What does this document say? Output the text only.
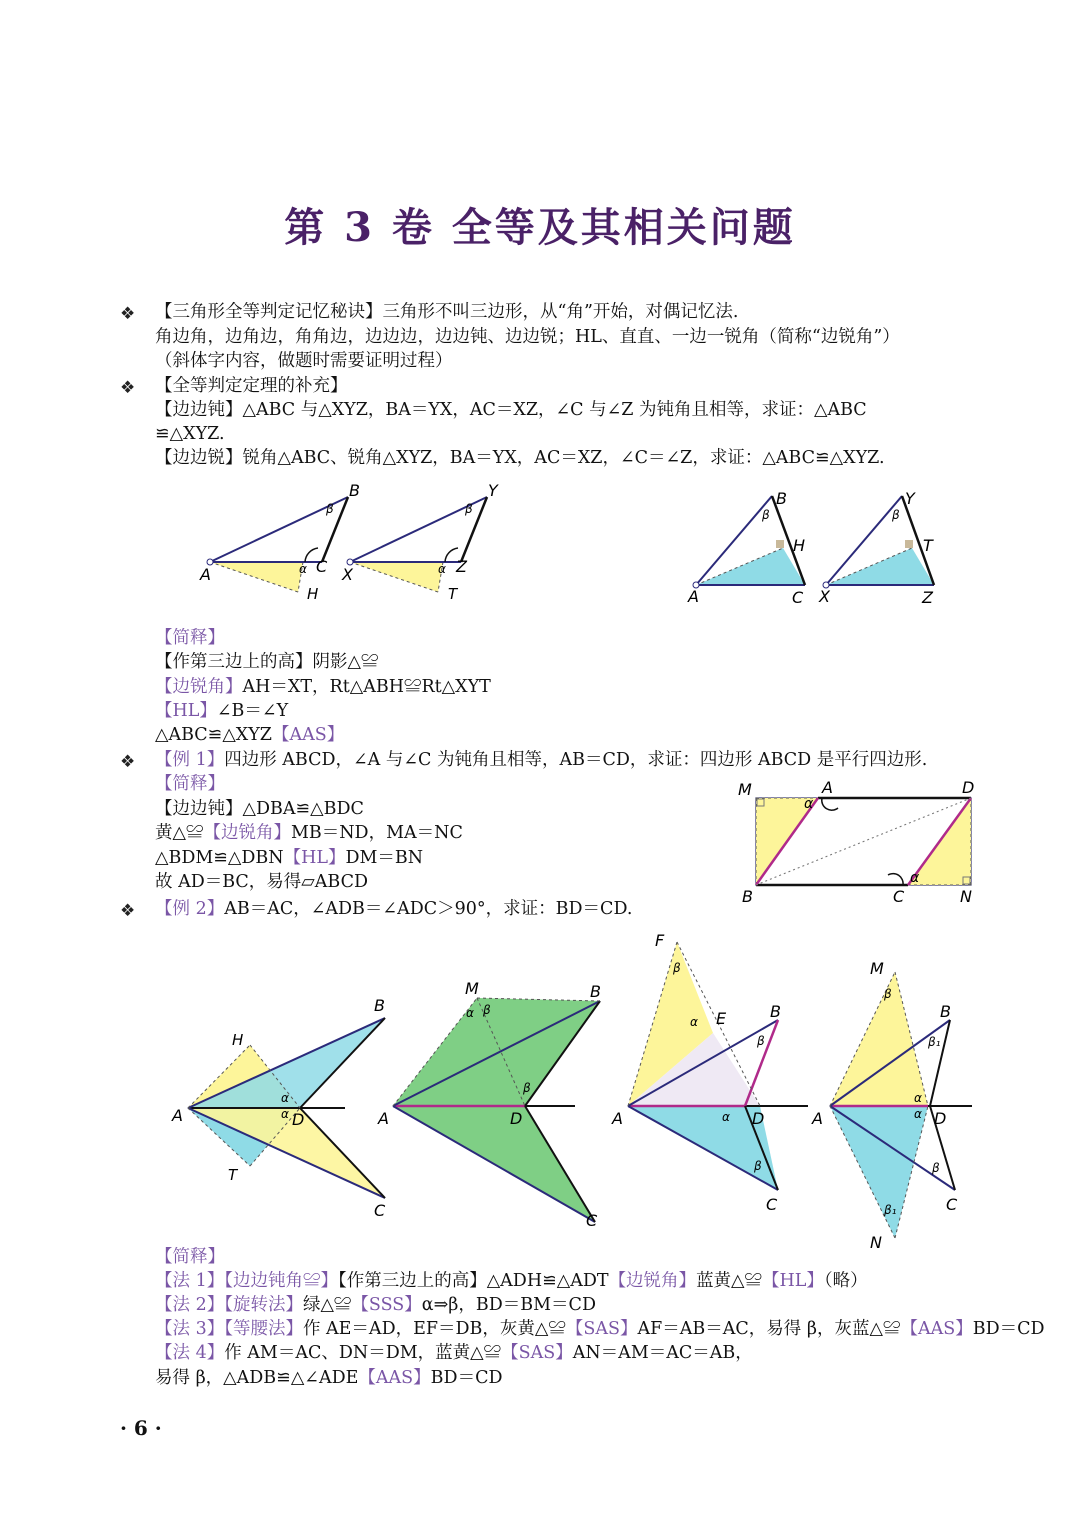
第 3 卷 全等及其相关问题
❖ 【三角形全等判定记忆秘诀】三角形不叫三边形，从“角”开始，对偶记忆法.
角边角，边角边，角角边，边边边，边边钝、边边锐；HL、直直、一边一锐角（简称“边锐角”）
（斜体字内容，做题时需要证明过程）
❖ 【全等判定定理的补充】
【边边钝】△ABC 与△XYZ，BA＝YX，AC＝XZ，∠C 与∠Z 为钝角且相等，求证：△ABC
≌△XYZ.
【边边锐】锐角△ABC、锐角△XYZ，BA＝YX，AC＝XZ，∠C＝∠Z，求证：△ABC≌△XYZ.
A
B
C
H
α
β
X
Y
Z
T
α
β
A
B
C
H
β
X
Y
Z
T
β
【简释】
【作第三边上的高】阴影△≌
【边锐角】AH＝XT，Rt△ABH≌Rt△XYT
【HL】∠B＝∠Y
△ABC≌△XYZ【AAS】
❖ 【例 1】四边形 ABCD，∠A 与∠C 为钝角且相等，AB＝CD，求证：四边形 ABCD 是平行四边形.
【简释】
【边边钝】△DBA≌△BDC
黄△≌【边锐角】MB＝ND，MA＝NC
△BDM≌△DBN【HL】DM＝BN
故 AD＝BC，易得▱ABCD
M	A	D
B	C	N
α
α
❖ 【例 2】AB＝AC，∠ADB＝∠ADC＞90°，求证：BD＝CD.
A
B
C
D
H
T
α
α	A
M	B
C
D
α β
β
A
F
E	B
C
D
β
α
α
β
β
A
M
B
C
D
N
β
β₁
α
α
β
β₁
【简释】
【法 1】【边边钝角≌】【作第三边上的高】△ADH≌△ADT【边锐角】蓝黄△≌【HL】（略）
【法 2】【旋转法】绿△≌【SSS】α⇒β，BD＝BM＝CD
【法 3】【等腰法】作 AE＝AD，EF＝DB，灰黄△≌【SAS】AF＝AB＝AC，易得 β，灰蓝△≌【AAS】BD＝CD
【法 4】作 AM＝AC、DN＝DM，蓝黄△≌【SAS】AN＝AM＝AC＝AB，
易得 β，△ADB≌△∠ADE【AAS】BD＝CD
· 6 ·
